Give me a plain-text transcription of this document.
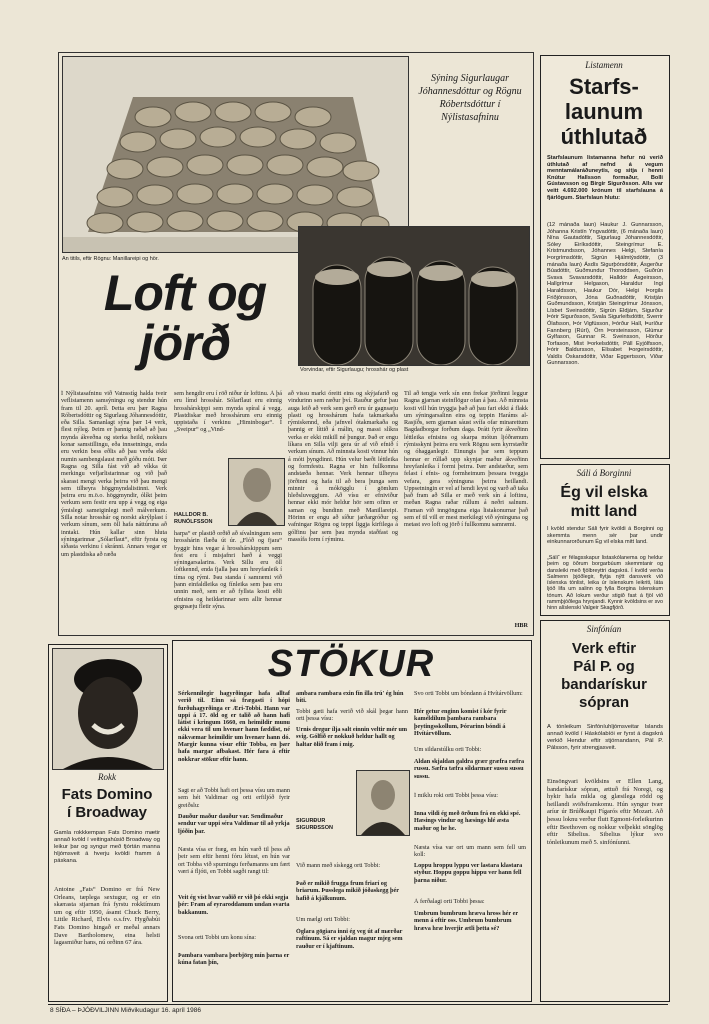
Án titils, eftir Rögnu: Manillareipi og hör.
Sýning Sigurlaugar Jóhannesdóttur og Rögnu Róbertsdóttur í Nýlistasafninu
Vorvindar, eftir Sigurlaugu; hrosshár og plast
Loft og
jörð
Í Nýlistasafninu við Vatnsstíg halda tveir veflistamenn samsýningu og stendur hún fram til 20. apríl. Þetta eru þær Ragna Róbertsdóttir og Sigurlaug Jóhannesdóttir, eða Silla. Samanlagt sýna þær 14 verk, flest nýleg. Þeim er þannig raðað að þau mynda ákveðna og sterka heild, nokkurs konar samstillingu, eða innsetningu, enda eru verkin bess eðlis að þau verða ekki numin sambengslaust með góðu móti. Þær Ragna og Silla fást við að víkka út merkingu vefjarlistarinnar og við það skarast mengi verka þeirra við þau mengi sem tilheyra höggmyndalistinni. Verk þeirra eru m.ö.o. höggmyndir, ólíkt þeim verkum sem festir eru upp á vegg og eiga ýmislegt sameiginlegt með málverkum. Silla notar hrosshár og norskt akrýlplast í verkum sínum, sem öll hafa náttúruna að inntaki. Hún kallar sinn hluta sýningarinnar „Sólarflaut“, eftir fyrsta og síðasta verkinu í skránni. Annars vegar er um plastdiska að ræða
sem hengdir eru í röð niður úr loftinu. Á þá eru límd hrosshár. Sólarflaut eru einnig hrosshárskippi sem mynda spíral á vegg. Plastdiskar með hrosshárum eru einnig uppistaða í verkinu „Himinbogar“. Í „Sveipur“ og „Vind-
HALLDÓR B. RUNÓLFSSON
harpa“ er plastið orðið að sívalningum sem hrosshárin flæða út úr. „Flóð og fjara“ byggir hins vegar á hrosshárskippum sem fest eru í misjafnri hæð á veggi sýningarsalarins. Verk Sillu eru öll loftkennd, enda fjalla þau um hreyfanleik í tíma og rými. Þau standa í samræmi við þann einfaldleika og fínleika sem þau eru unnin með, sem er að fyllsta kosti eðli efnisins og heildarinnar sem allir hennar gegnsæju fletir sýna.
að vissu marki óreitt eins og skýjafarið og vindurinn sem ræður því. Rauður gefur þau auga leið að verk sem gerð eru úr gagnsæju plasti og hrosshárum hafa takmarkaða rýmiskennd, eða jafnvel ótakmarkaða og þannig er líttið á málin, og massi slíkra verka er ekki mikill né þungur. Það er engu líkara en Silla vilji gera úr af við efnið í verkum sínum. Að minnsta kosti vinnur hún á móti þyngdinni. Hún velur bæði léttleika og formfestu. Ragna er hin fullkomna andstæða hennar. Verk hennar tilheyra jörðinni og hafa til að bera þunga sem minnir á mókögglu í gömlum hleðsluveggjum. Að vísu er efniviður hennar ekki mór heldur hör sem ofinn er saman og bundinn með Manillareipi. Hörinn er engu að síður jarðargróður og vafningar Rögnu og teppi liggja kirfilega á gólfinu þar sem þau mynda staðfast og massífa form í rýminu.
Til að tengja verk sín enn frekar jörðinni leggur Ragna gjarnan steinflögur ofan á þau. Að minnsta kosti vill hún tryggja það að þau fari ekki á flakk um sýningarsalinn eins og teppin Haráms al-Rasjíðs, sem gjarnan sáust svífa ofar minarettum Bagdadborgar forðum daga. Þrátt fyrir ákveðinn léttleika efnisins og skarpa mótun ljóðrænum rýmisskyni þeirra eru verk Rögnu sem kyrrstæðir og óhagganlegir. Einungis þar sem teppum hennar er rúllað upp skynjar maður ákveðinn hreyfanleika í formi þeirra. Þær andstæður, sem felast í efnis- og formheimum þessara tveggja vefara, gera sýninguna þeirra heillandi. Uppsetningin er vel af hendi leyst og varð að taka það fram að Silla er með verk sín á loftinu, meðan Ragna raðar rúllum á neðri salnum. Framan við inngönguna eiga listakonurnar það sem ef til vill er mest merkilegt við sýninguna og metast svo loft og jörð í fullkomnu samræmi.
HBR
Listamenn
Starfs-
launum
úthlutað
Starfslaunum listamanna hefur nú verið úthlutað af nefnd á vegum menntamálaráðuneytis, og sitja í henni Knútur Hallsson formaður, Bolli Gústavsson og Birgir Sigurðsson. Alls var veitt 4.692.000 krónum til starfslauna á fjárlögum. Starfslaun hlutu:
(12 mánaða laun) Haukur J. Gunnarsson, Jóhanna Kristín Yngvadóttir, (6 mánaða laun) Nína Gautadóttir, Sigurlaug Jóhannesdóttir, Sóley Eiríksdóttir, Steingrímur E. Kristmundsson, Jóhannes Helgi, Stefanía Þorgrímsdóttir, Sigrún Hjálmtýsdóttir, (3 mánaða laun) Ásdís Sigurþórsdóttir, Ásgerður Búadóttir, Guðmundur Thoroddsen, Guðrún Svava Svavarsdóttir, Halldór Ásgeirsson, Hallgrímur Helgason, Haraldur Ingi Haraldsson, Haukur Dór, Helgi Þorgils Friðjónsson, Jóna Guðnadóttir, Kristján Guðmundsson, Kristján Steingrímur Jónsson, Lísbet Sveinsdóttir, Sigrún Eldjárn, Sigurður Þórir Sigurðsson, Svala Sigurleifsdóttir, Sverrir Ólafsson, Þór Vigfússon, Þórður Hall, Þuríður Fannberg (Rúrí), Örn Þorsteinsson, Glúmur Gylfason, Gunnar R. Sveinsson, Hörður Torfason, Mist Þorkelsdóttir, Páll Eyjólfsson, Þórir Baldursson, Elísabet Þorgeirsdóttir, Valdís Óskarsdóttir, Viðar Eggertsson, Viðar Gunnarsson.
Sáli á Borginni
Ég vil elska
mitt land
Í kvöld stendur Sáli fyrir kvöldi á Borginni og skemmta menn sér þar undir einkunnarorðunum Ég vil elska mitt land.
„Sáli“ er félagsskapur listaskólanema og heldur þeim og öðrum borgarbúum skemmtanir og dansleiki með fjölbreyttri dagskrá. Í kvöld verða Salmenn þjóðlegir, flytja nýtt dansverk við íslenska tónlist, leika úr íslenskum leikriti, láta ljóð lifa um salinn og fylla Borgina íslenskum tónum. Að lokum verður stigið fast á fjöl við rammþjóðlega hrynjandi. Kynnir kvöldsins er svo hinn alíslenski Valgeir Skagfjörð.
Sinfónían
Verk eftir
Pál P. og
bandarískur
sópran
Á tónleikum Sinfóníuhljómsveitar Íslands annað kvöld í Háskólabíói er fyrst á dagskrá verkið Hendur eftir stjórnandann, Pál P. Pálsson, fyrir strengjasveit.
Einsöngvari kvöldsins er Ellen Lang, bandarískur sópran, ættuð frá Noregi, og hykir hafa mikla og glæsilega rödd og heillandi sviðsframkomu. Hún syngur tvær aríur úr Brúðkaupi Fígarós eftir Mozart. Að þessu loknu verður flutt Egmont-forleikurinn eftir Beethoven og nokkur velþekkt sönglög eftir Sibelius. Sibelius lýkur svo tónleikunum með 5. sinfóníunni.
Rokk
Fats Domino
í Broadway
Gamla rokkkempan Fats Domino mætir annað kvöld í veitingahúsið Broadway og leikur þar og syngur með fjórtán manna hljómsveit á hverju kvöldi framm á páskana.
Antoine „Fats“ Domino er frá New Orleans, tæplega sextugur, og er ein skærasta stjarnan frá fyrstu rokktímum um og eftir 1950, ásamt Chuck Berry, Little Richard, Elvis o.s.frv. Hygðabúi Fats Domino hingað er meðal annars Dave Bartholomew, eina helsti lagasmiður hans, nú orðinn 67 ára.
STÖKUR
Sérkennilegir hagyrðingar hafa alltaf verið til. Einn sá frægasti í hópi furðuhagyrðinga er Æri-Tobbi. Hann var uppi á 17. öld og er talið að hann hafi látist í kringum 1660, en heimildir munu ekki vera til um hvenær hann fæddist, né nákvæmar heimildir um hvenær hann dó. Margir kunna vísur eftir Tobba, en þær hafa margar afbakast. Hér fara á eftir nokkrar stökur eftir hann.
Sagt er að Tobbi hafi ort þessa vísu um mann sem hét Valdimar og orti erfiljóð fyrir greiðslu:
Dauður maður dauður var. Sendimaður sendur var uppi séra Valdimar til að yrkja ljóðin þar.
Næsta vísa er fræg, en hún varð til þess að þeir sem eftir henni fóru létust, en hún var ort Tobba við spurningu ferðamanns um fært væri á fljóti, en Tobbi sagði rangt til:
Veit ég víst hvar vaðið er við þó ekki segja þér: Fram af eyraroddanum undan svarta bakkanum.
Svona orti Tobbi um konu sína:
Þambara vambara þorbjörg mín þarna er kúna fatan þín,
ambara rambara exin fín illa trú' ég hún bíti.
Tobbi gæti hafa verið við skál þegar hann orti þessa vísu:
Urnis dregur ílja salt einnin veltir mér um svig. Gólfið er nokkuð heldur hallt og haltar ölið fram í mig.
SIGURÐUR SIGURÐSSON
Við mann með sískegg orti Tobbi:
Það er mikið frugga frum friarí og briarum. Þusslega mikið jóðaskegg þér hafið á kjálkunum.
Um mælgi orti Tobbi:
Óglara gögiara inni ég veg út af mærðar raftinum. Sá er sjaldan magur mjeg sem rauður er í kjaftinum.
Svo orti Tobbi um bóndann á Hvítárvöllum:
Hér getur enginn komist í kór fyrir kaméldílum þambara rambara þeytingsskollum, Þórarinn bóndi á Hvítárvöllum.
Um sildarstúlku orti Tobbi:
Aldan skjaldan galdra grær græfra ræfra russu. Sæfra tæfra síldarmær sussu sussu sussu.
Í miklu roki orti Tobbi þessa vísu:
Inna vildi ég með örðum frá en ekki spé. Hæsings vindur og hæsings hlé æsta maður og he he.
Næsta vísa var ort um mann sem fell um koll:
Loppu hroppu lyppu ver lastara klastara styður. Hoppu goppu hippu ver hann fell þarna niður.
Á ferðalagi orti Tobbi þessa:
Umbrum bumbrum hræva hross hér er menn á eftir oss. Umbrum bumbrum hræva hræ hverjir ætli þetta sé?
8 SÍÐA – ÞJÓÐVILJINN Miðvikudagur 16. apríl 1986
